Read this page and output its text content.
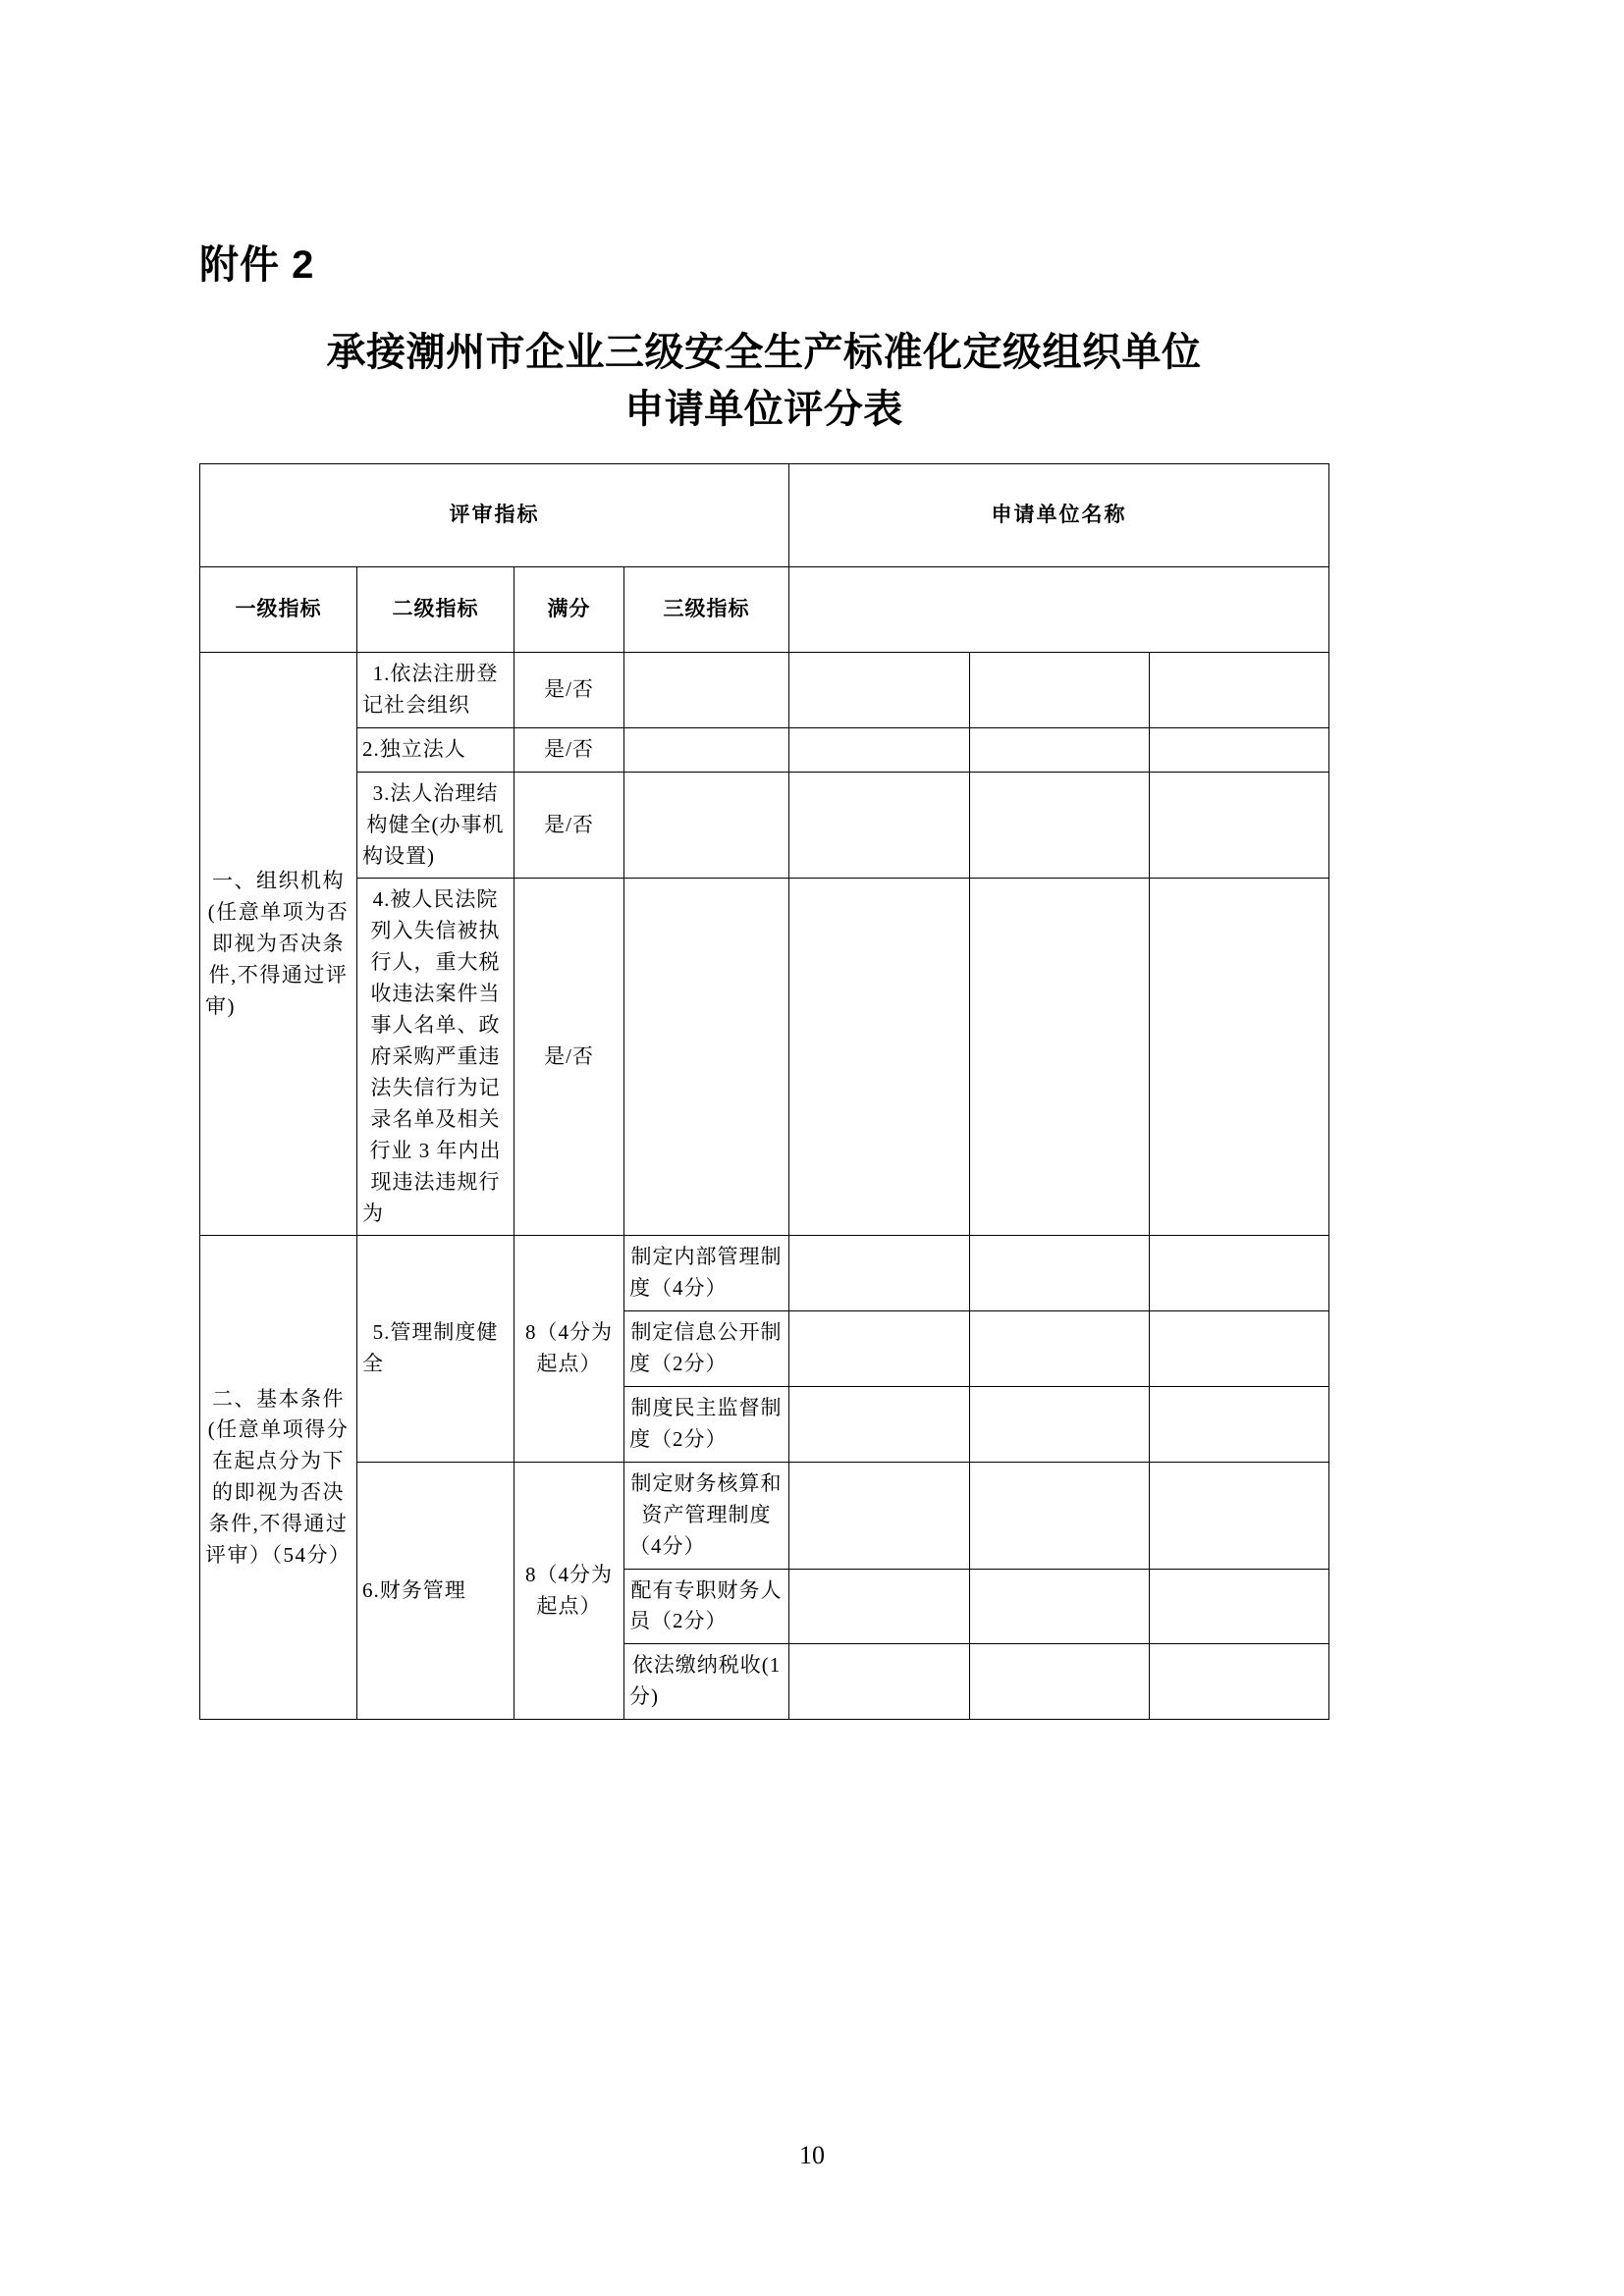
附件 2
承接潮州市企业三级安全生产标准化定级组织单位
申请单位评分表
评审指标				申请单位名称		
一级指标	二级指标	满分	三级指标			
一、组织机构(任意单项为否即视为否决条件,不得通过评审)	1.依法注册登记社会组织	是/否				
	2.独立法人	是/否				
	3.法人治理结构健全(办事机构设置)	是/否				
	4.被人民法院列入失信被执行人，重大税收违法案件当事人名单、政府采购严重违法失信行为记录名单及相关行业 3 年内出现违法违规行为	是/否				
二、基本条件(任意单项得分在起点分为下的即视为否决条件,不得通过评审）（54分）	5.管理制度健全	8（4分为起点）	制定内部管理制度（4分）			
			制定信息公开制度（2分）			
			制度民主监督制度（2分）			
	6.财务管理	8（4分为起点）	制定财务核算和资产管理制度（4分）			
			配有专职财务人员（2分）			
			依法缴纳税收(1分)			
10
